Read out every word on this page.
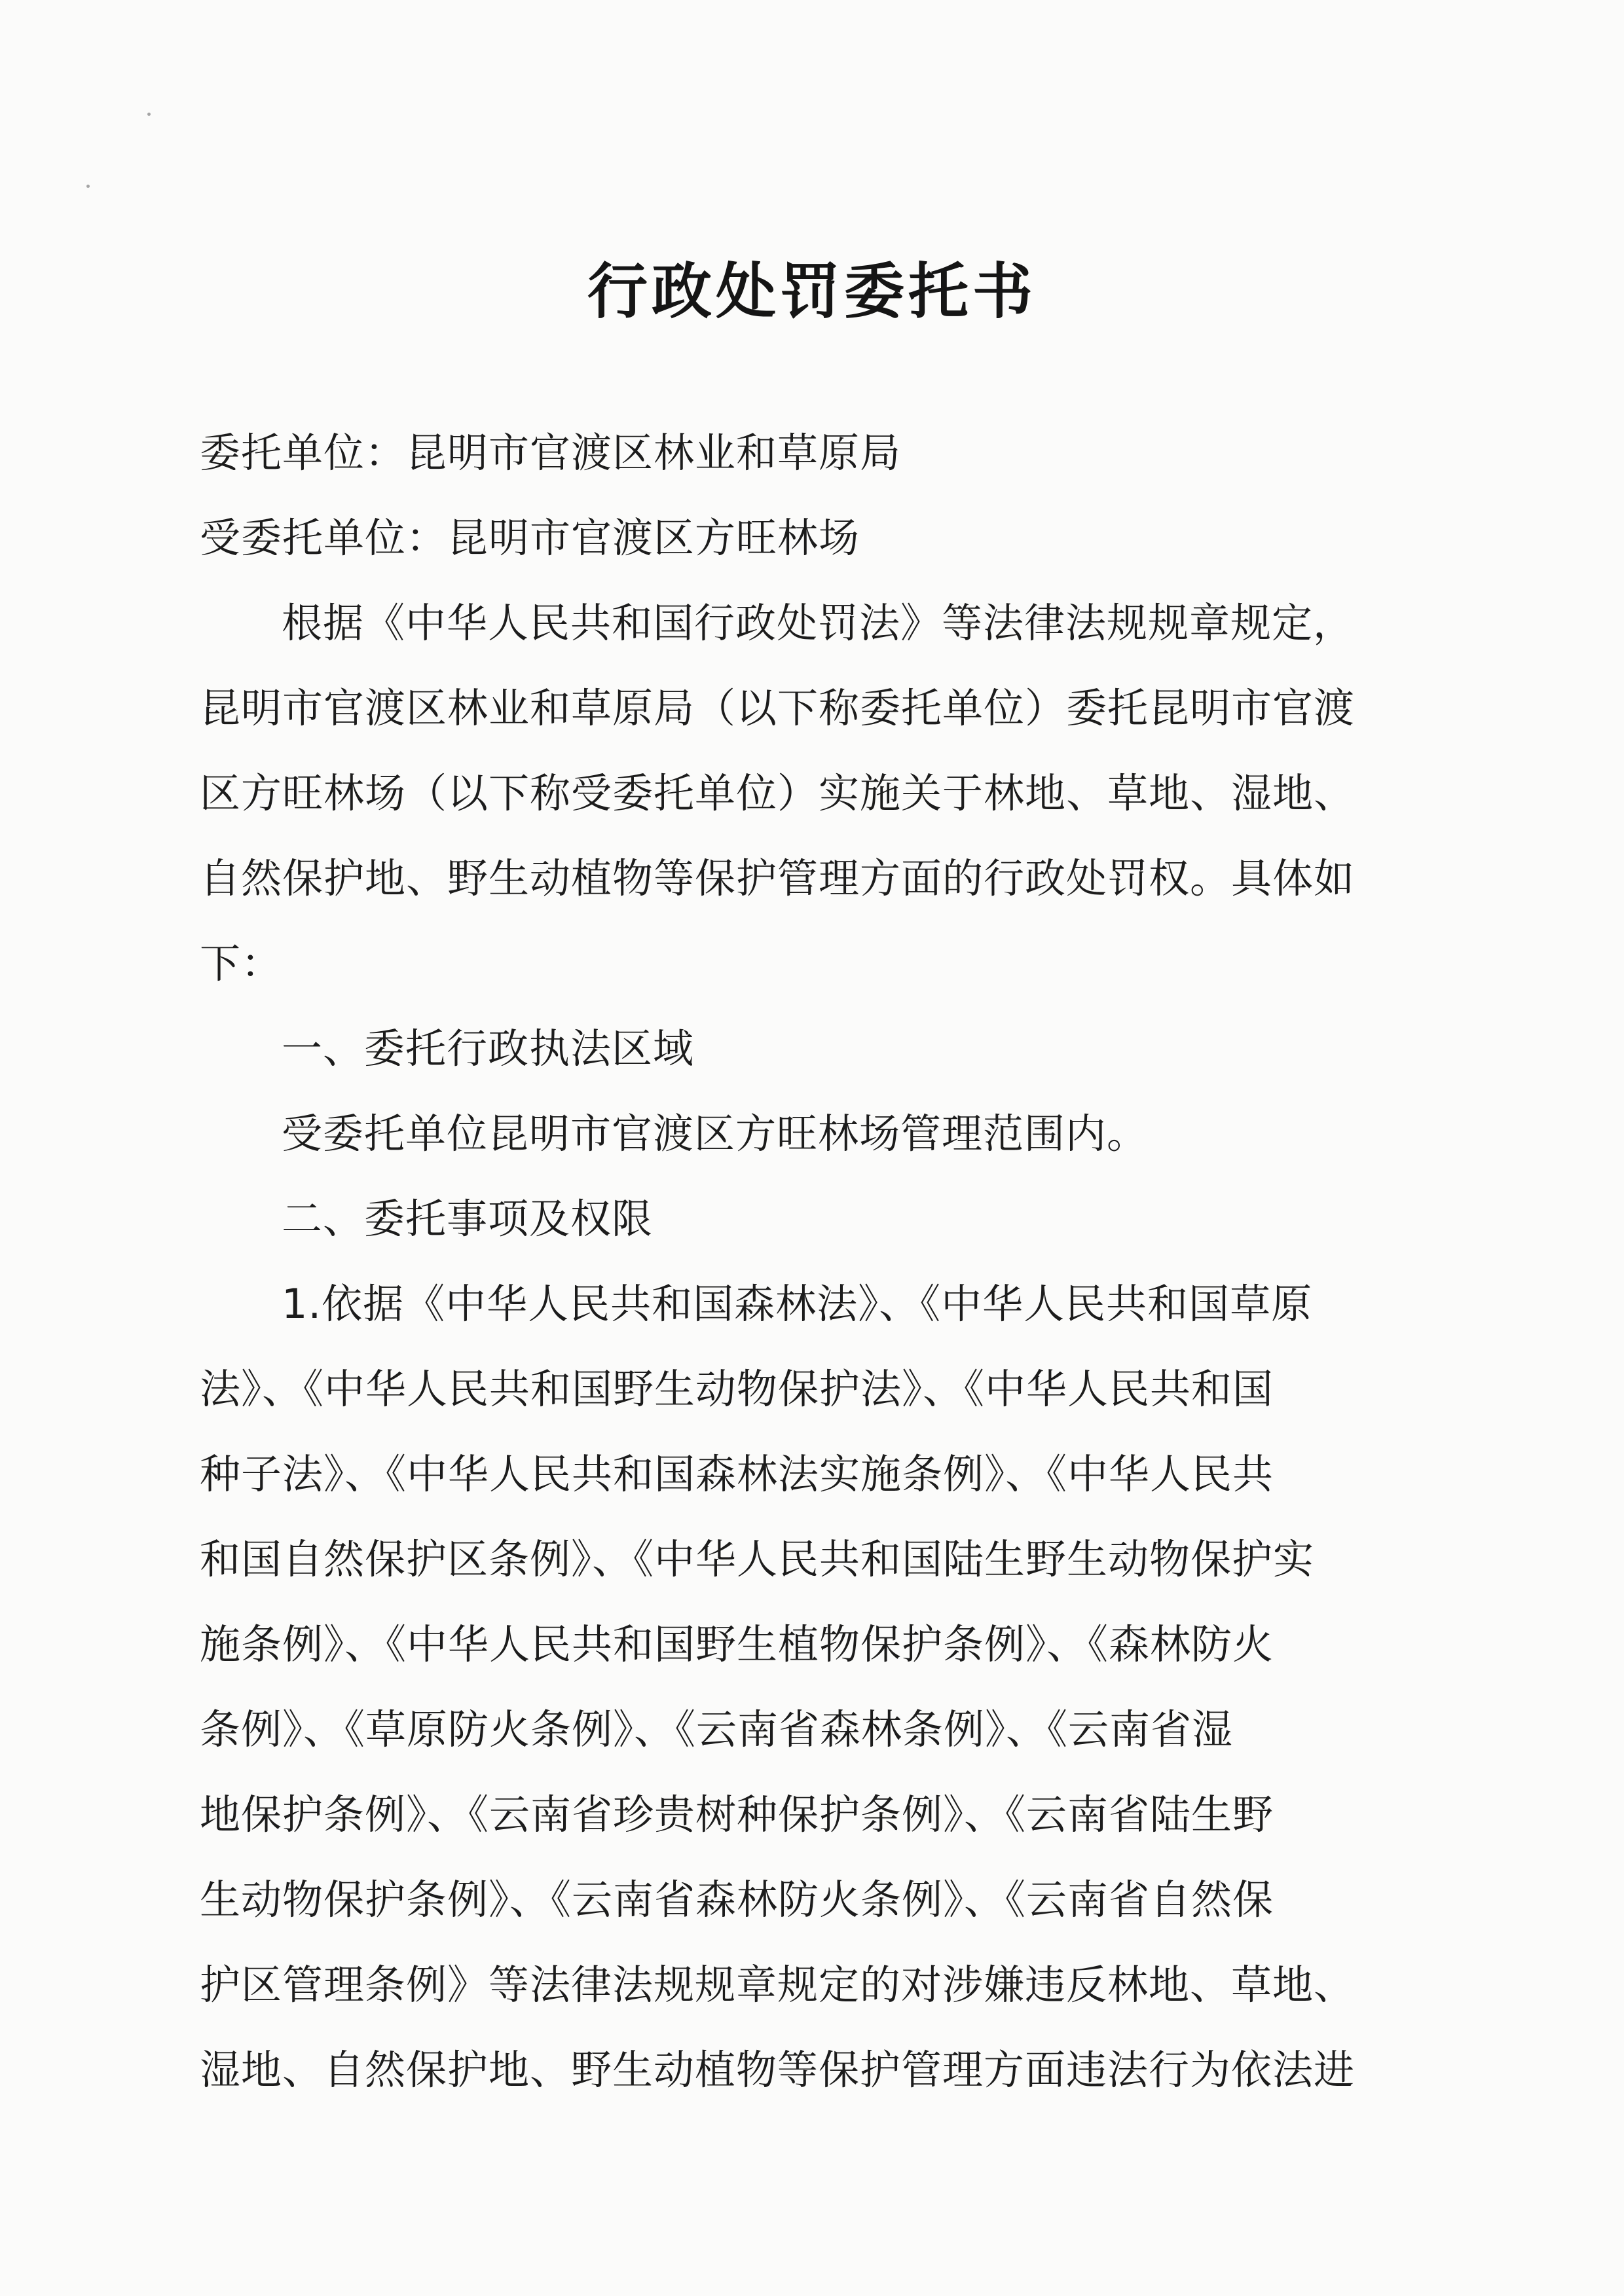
行政处罚委托书
委托单位：昆明市官渡区林业和草原局
受委托单位：昆明市官渡区方旺林场
根据《中华人民共和国行政处罚法》等法律法规规章规定，
昆明市官渡区林业和草原局（以下称委托单位）委托昆明市官渡
区方旺林场（以下称受委托单位）实施关于林地、草地、湿地、
自然保护地、野生动植物等保护管理方面的行政处罚权。具体如
下：
一、委托行政执法区域
受委托单位昆明市官渡区方旺林场管理范围内。
二、委托事项及权限
1.依据《中华人民共和国森林法》、《中华人民共和国草原
法》、《中华人民共和国野生动物保护法》、《中华人民共和国
种子法》、《中华人民共和国森林法实施条例》、《中华人民共
和国自然保护区条例》、《中华人民共和国陆生野生动物保护实
施条例》、《中华人民共和国野生植物保护条例》、《森林防火
条例》、《草原防火条例》、《云南省森林条例》、《云南省湿
地保护条例》、《云南省珍贵树种保护条例》、《云南省陆生野
生动物保护条例》、《云南省森林防火条例》、《云南省自然保
护区管理条例》等法律法规规章规定的对涉嫌违反林地、草地、
湿地、自然保护地、野生动植物等保护管理方面违法行为依法进
